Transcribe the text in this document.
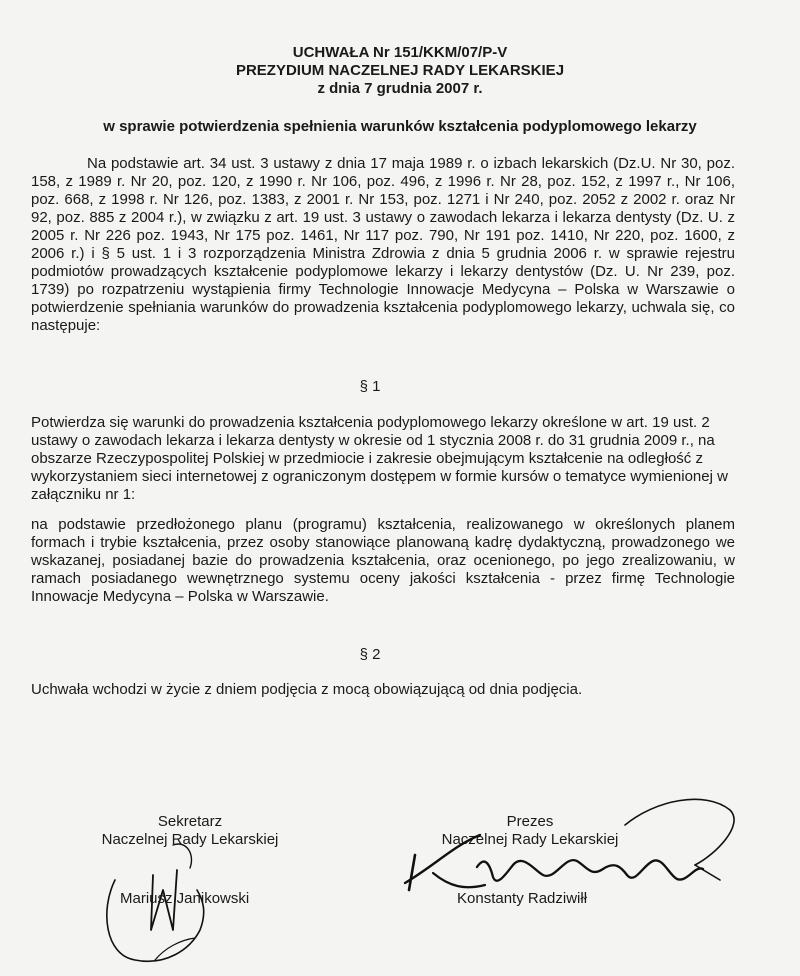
UCHWAŁA Nr 151/KKM/07/P-V
PREZYDIUM NACZELNEJ RADY LEKARSKIEJ
z dnia 7 grudnia 2007 r.
w sprawie potwierdzenia spełnienia warunków kształcenia podyplomowego lekarzy
Na podstawie art. 34 ust. 3 ustawy z dnia 17 maja 1989 r. o izbach lekarskich (Dz.U. Nr 30, poz. 158, z 1989 r. Nr 20, poz. 120, z 1990 r. Nr 106, poz. 496, z 1996 r. Nr 28, poz. 152, z 1997 r., Nr 106, poz. 668, z 1998 r. Nr 126, poz. 1383, z 2001 r. Nr 153, poz. 1271 i Nr 240, poz. 2052 z 2002 r. oraz Nr 92, poz. 885 z 2004 r.), w związku z art. 19 ust. 3 ustawy o zawodach lekarza i lekarza dentysty (Dz. U. z 2005 r. Nr 226 poz. 1943, Nr 175 poz. 1461, Nr 117 poz. 790, Nr 191 poz. 1410, Nr 220, poz. 1600, z 2006 r.) i § 5 ust. 1 i 3 rozporządzenia Ministra Zdrowia z dnia 5 grudnia 2006 r. w sprawie rejestru podmiotów prowadzących kształcenie podyplomowe lekarzy i lekarzy dentystów (Dz. U. Nr 239, poz. 1739) po rozpatrzeniu wystąpienia firmy Technologie Innowacje Medycyna – Polska w Warszawie o potwierdzenie spełniania warunków do prowadzenia kształcenia podyplomowego lekarzy, uchwala się, co następuje:
§ 1
Potwierdza się warunki do prowadzenia kształcenia podyplomowego lekarzy określone w art. 19 ust. 2 ustawy o zawodach lekarza i lekarza dentysty w okresie od 1 stycznia 2008 r. do 31 grudnia 2009 r., na obszarze Rzeczypospolitej Polskiej w przedmiocie i zakresie obejmującym kształcenie na odległość z wykorzystaniem sieci internetowej z ograniczonym dostępem w formie kursów o tematyce wymienionej w załączniku nr 1:
na podstawie przedłożonego planu (programu) kształcenia, realizowanego w określonych planem formach i trybie kształcenia, przez osoby stanowiące planowaną kadrę dydaktyczną, prowadzonego we wskazanej, posiadanej bazie do prowadzenia kształcenia, oraz ocenionego, po jego zrealizowaniu, w ramach posiadanego wewnętrznego systemu oceny jakości kształcenia - przez firmę Technologie Innowacje Medycyna – Polska w Warszawie.
§ 2
Uchwała wchodzi w życie z dniem podjęcia z mocą obowiązującą od dnia podjęcia.
Sekretarz
Naczelnej Rady Lekarskiej
Mariusz Janikowski
Prezes
Naczelnej Rady Lekarskiej
Konstanty Radziwiłł
